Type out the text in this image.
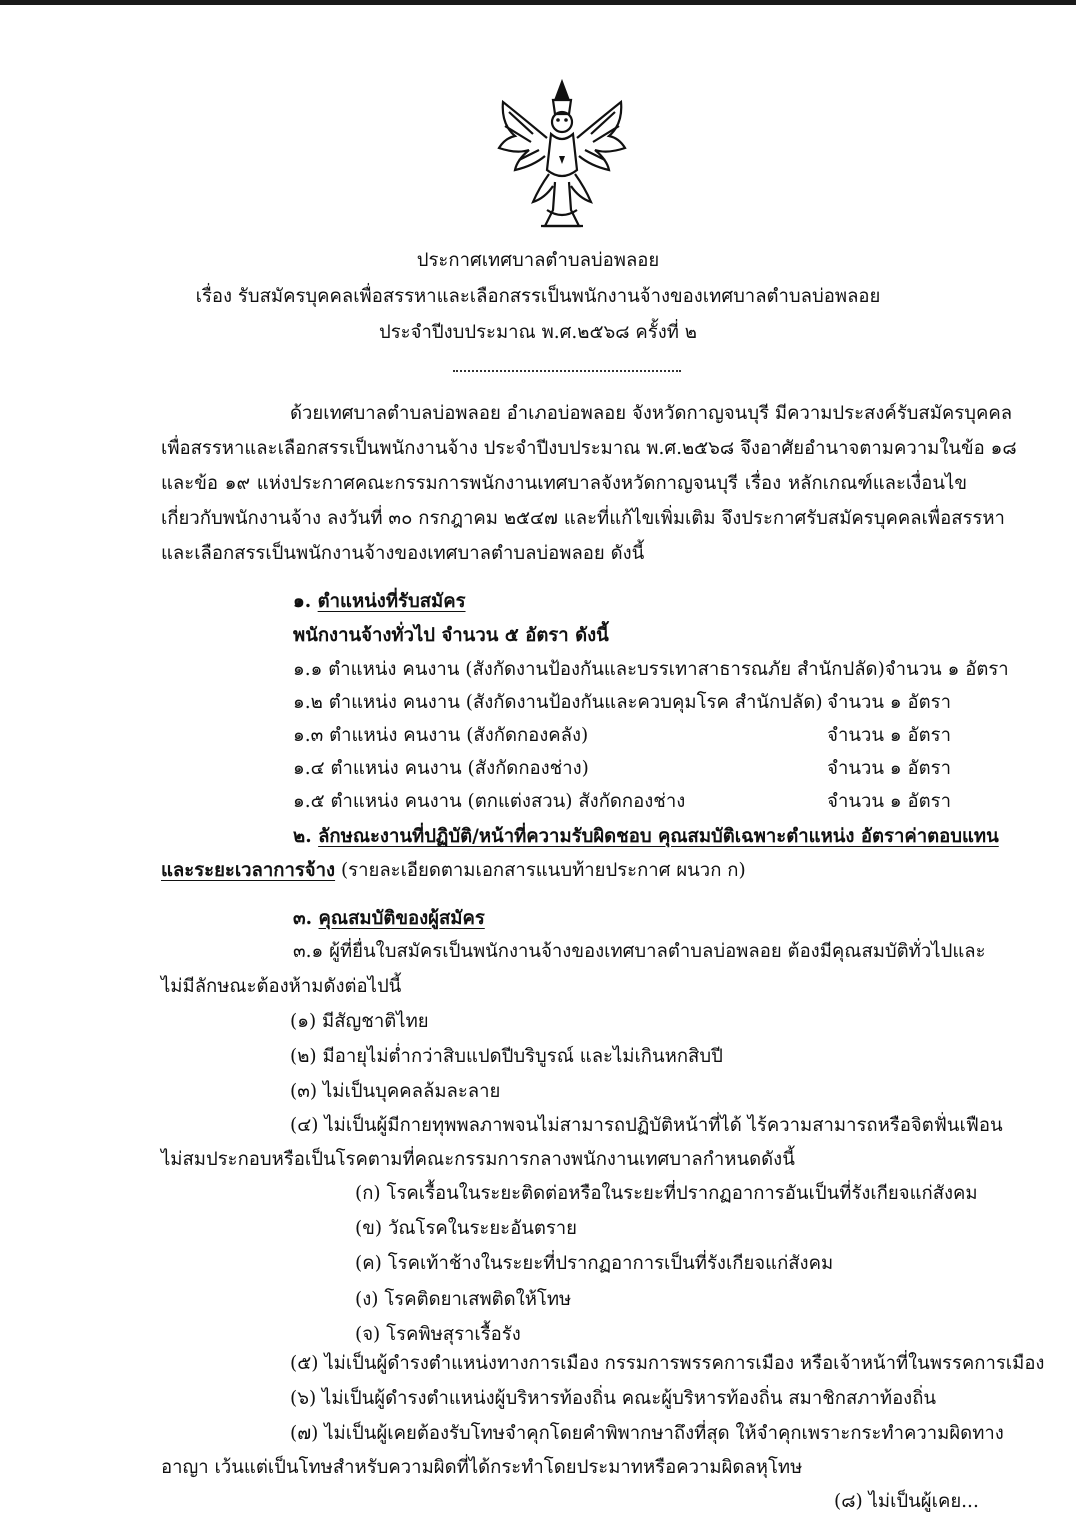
ประกาศเทศบาลตำบลบ่อพลอย
เรื่อง รับสมัครบุคคลเพื่อสรรหาและเลือกสรรเป็นพนักงานจ้างของเทศบาลตำบลบ่อพลอย
ประจำปีงบประมาณ พ.ศ.๒๕๖๘ ครั้งที่ ๒
ด้วยเทศบาลตำบลบ่อพลอย อำเภอบ่อพลอย จังหวัดกาญจนบุรี มีความประสงค์รับสมัครบุคคล
เพื่อสรรหาและเลือกสรรเป็นพนักงานจ้าง ประจำปีงบประมาณ พ.ศ.๒๕๖๘ จึงอาศัยอำนาจตามความในข้อ ๑๘
และข้อ ๑๙ แห่งประกาศคณะกรรมการพนักงานเทศบาลจังหวัดกาญจนบุรี เรื่อง หลักเกณฑ์และเงื่อนไข
เกี่ยวกับพนักงานจ้าง ลงวันที่ ๓๐ กรกฎาคม ๒๕๔๗ และที่แก้ไขเพิ่มเติม จึงประกาศรับสมัครบุคคลเพื่อสรรหา
และเลือกสรรเป็นพนักงานจ้างของเทศบาลตำบลบ่อพลอย ดังนี้
๑. ตำแหน่งที่รับสมัคร
พนักงานจ้างทั่วไป จำนวน ๕ อัตรา ดังนี้
๑.๑ ตำแหน่ง คนงาน (สังกัดงานป้องกันและบรรเทาสาธารณภัย สำนักปลัด) จำนวน ๑ อัตรา
๑.๒ ตำแหน่ง คนงาน (สังกัดงานป้องกันและควบคุมโรค สำนักปลัด) จำนวน ๑ อัตรา
๑.๓ ตำแหน่ง คนงาน (สังกัดกองคลัง)	จำนวน ๑ อัตรา
๑.๔ ตำแหน่ง คนงาน (สังกัดกองช่าง)	จำนวน ๑ อัตรา
๑.๕ ตำแหน่ง คนงาน (ตกแต่งสวน) สังกัดกองช่าง	จำนวน ๑ อัตรา
๒. ลักษณะงานที่ปฏิบัติ/หน้าที่ความรับผิดชอบ คุณสมบัติเฉพาะตำแหน่ง อัตราค่าตอบแทน
และระยะเวลาการจ้าง (รายละเอียดตามเอกสารแนบท้ายประกาศ ผนวก ก)
๓. คุณสมบัติของผู้สมัคร
๓.๑ ผู้ที่ยื่นใบสมัครเป็นพนักงานจ้างของเทศบาลตำบลบ่อพลอย ต้องมีคุณสมบัติทั่วไปและ
ไม่มีลักษณะต้องห้ามดังต่อไปนี้
(๑) มีสัญชาติไทย
(๒) มีอายุไม่ต่ำกว่าสิบแปดปีบริบูรณ์ และไม่เกินหกสิบปี
(๓) ไม่เป็นบุคคลล้มละลาย
(๔) ไม่เป็นผู้มีกายทุพพลภาพจนไม่สามารถปฏิบัติหน้าที่ได้ ไร้ความสามารถหรือจิตฟั่นเฟือน
ไม่สมประกอบหรือเป็นโรคตามที่คณะกรรมการกลางพนักงานเทศบาลกำหนดดังนี้
(ก) โรคเรื้อนในระยะติดต่อหรือในระยะที่ปรากฏอาการอันเป็นที่รังเกียจแก่สังคม
(ข) วัณโรคในระยะอันตราย
(ค) โรคเท้าช้างในระยะที่ปรากฏอาการเป็นที่รังเกียจแก่สังคม
(ง) โรคติดยาเสพติดให้โทษ
(จ) โรคพิษสุราเรื้อรัง
(๕) ไม่เป็นผู้ดำรงตำแหน่งทางการเมือง กรรมการพรรคการเมือง หรือเจ้าหน้าที่ในพรรคการเมือง
(๖) ไม่เป็นผู้ดำรงตำแหน่งผู้บริหารท้องถิ่น คณะผู้บริหารท้องถิ่น สมาชิกสภาท้องถิ่น
(๗) ไม่เป็นผู้เคยต้องรับโทษจำคุกโดยคำพิพากษาถึงที่สุด ให้จำคุกเพราะกระทำความผิดทาง
อาญา เว้นแต่เป็นโทษสำหรับความผิดที่ได้กระทำโดยประมาทหรือความผิดลหุโทษ
(๘) ไม่เป็นผู้เคย...
